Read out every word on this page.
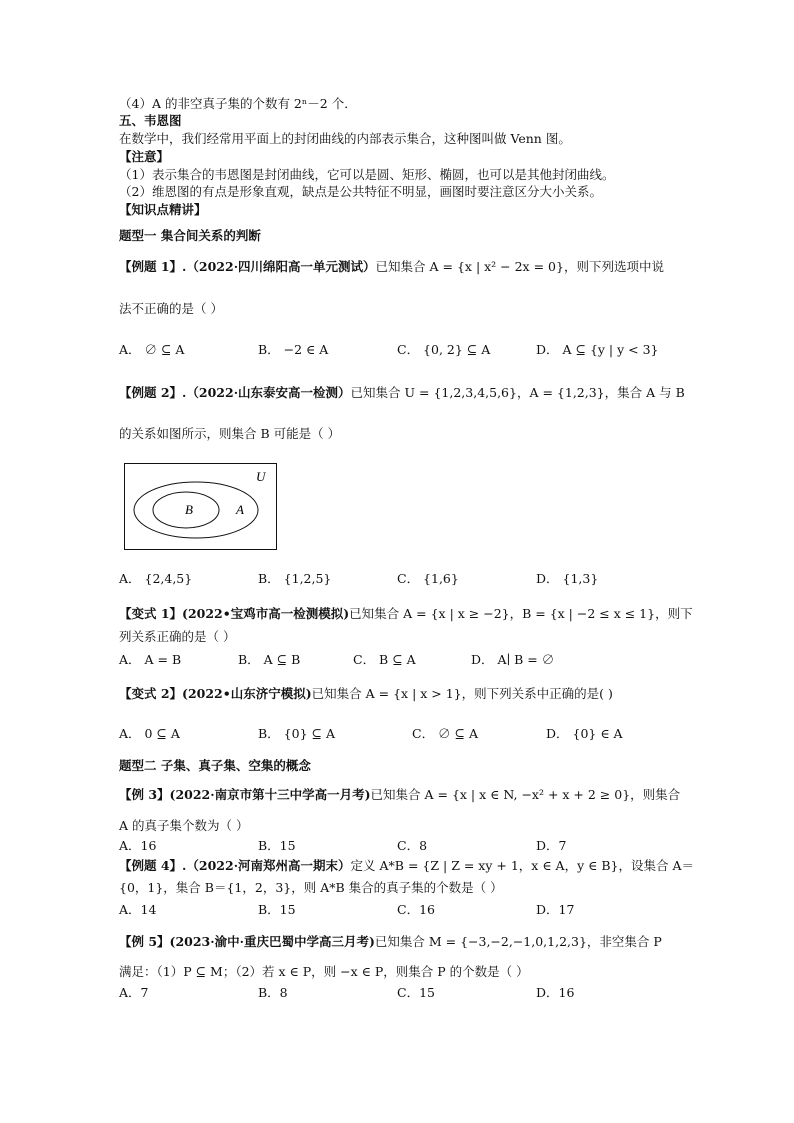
（4）A 的非空真子集的个数有 2ⁿ－2 个．
五、韦恩图
在数学中，我们经常用平面上的封闭曲线的内部表示集合，这种图叫做 Venn 图。
【注意】
（1）表示集合的韦恩图是封闭曲线，它可以是圆、矩形、椭圆，也可以是其他封闭曲线。
（2）维恩图的有点是形象直观，缺点是公共特征不明显，画图时要注意区分大小关系。
【知识点精讲】
题型一 集合间关系的判断
【例题 1】.（2022·四川绵阳高一单元测试）已知集合 A = {x | x² − 2x = 0}，则下列选项中说
法不正确的是（ ）
A． ∅ ⊆ A	B． −2 ∈ A	C． {0, 2} ⊆ A	D． A ⊆ {y | y < 3}
【例题 2】.（2022·山东泰安高一检测）已知集合 U = {1,2,3,4,5,6}，A = {1,2,3}，集合 A 与 B
的关系如图所示，则集合 B 可能是（ ）
U
A
B
A． {2,4,5}	B． {1,2,5}	C． {1,6}	D． {1,3}
【变式 1】(2022•宝鸡市高一检测模拟)已知集合 A = {x | x ≥ −2}，B = {x | −2 ≤ x ≤ 1}，则下
列关系正确的是（ ）
A． A = B	B． A ⊆ B	C． B ⊆ A	D． A∣ B = ∅
【变式 2】(2022•山东济宁模拟)已知集合 A = {x | x > 1}，则下列关系中正确的是( )
A． 0 ⊆ A	B． {0} ⊆ A	C． ∅ ⊆ A	D． {0} ∈ A
题型二 子集、真子集、空集的概念
【例 3】(2022·南京市第十三中学高一月考)已知集合 A = {x | x ∈ N, −x² + x + 2 ≥ 0}，则集合
A 的真子集个数为（ ）
A．16	B．15	C．8	D．7
【例题 4】.（2022·河南郑州高一期末）定义 A*B = {Z | Z = xy + 1，x ∈ A，y ∈ B}，设集合 A＝
{0，1}，集合 B＝{1，2，3}，则 A*B 集合的真子集的个数是（ ）
A．14	B．15	C．16	D．17
【例 5】(2023·渝中·重庆巴蜀中学高三月考)已知集合 M = {−3,−2,−1,0,1,2,3}，非空集合 P
满足：（1）P ⊆ M；（2）若 x ∈ P，则 −x ∈ P，则集合 P 的个数是（ ）
A．7	B．8	C．15	D．16
